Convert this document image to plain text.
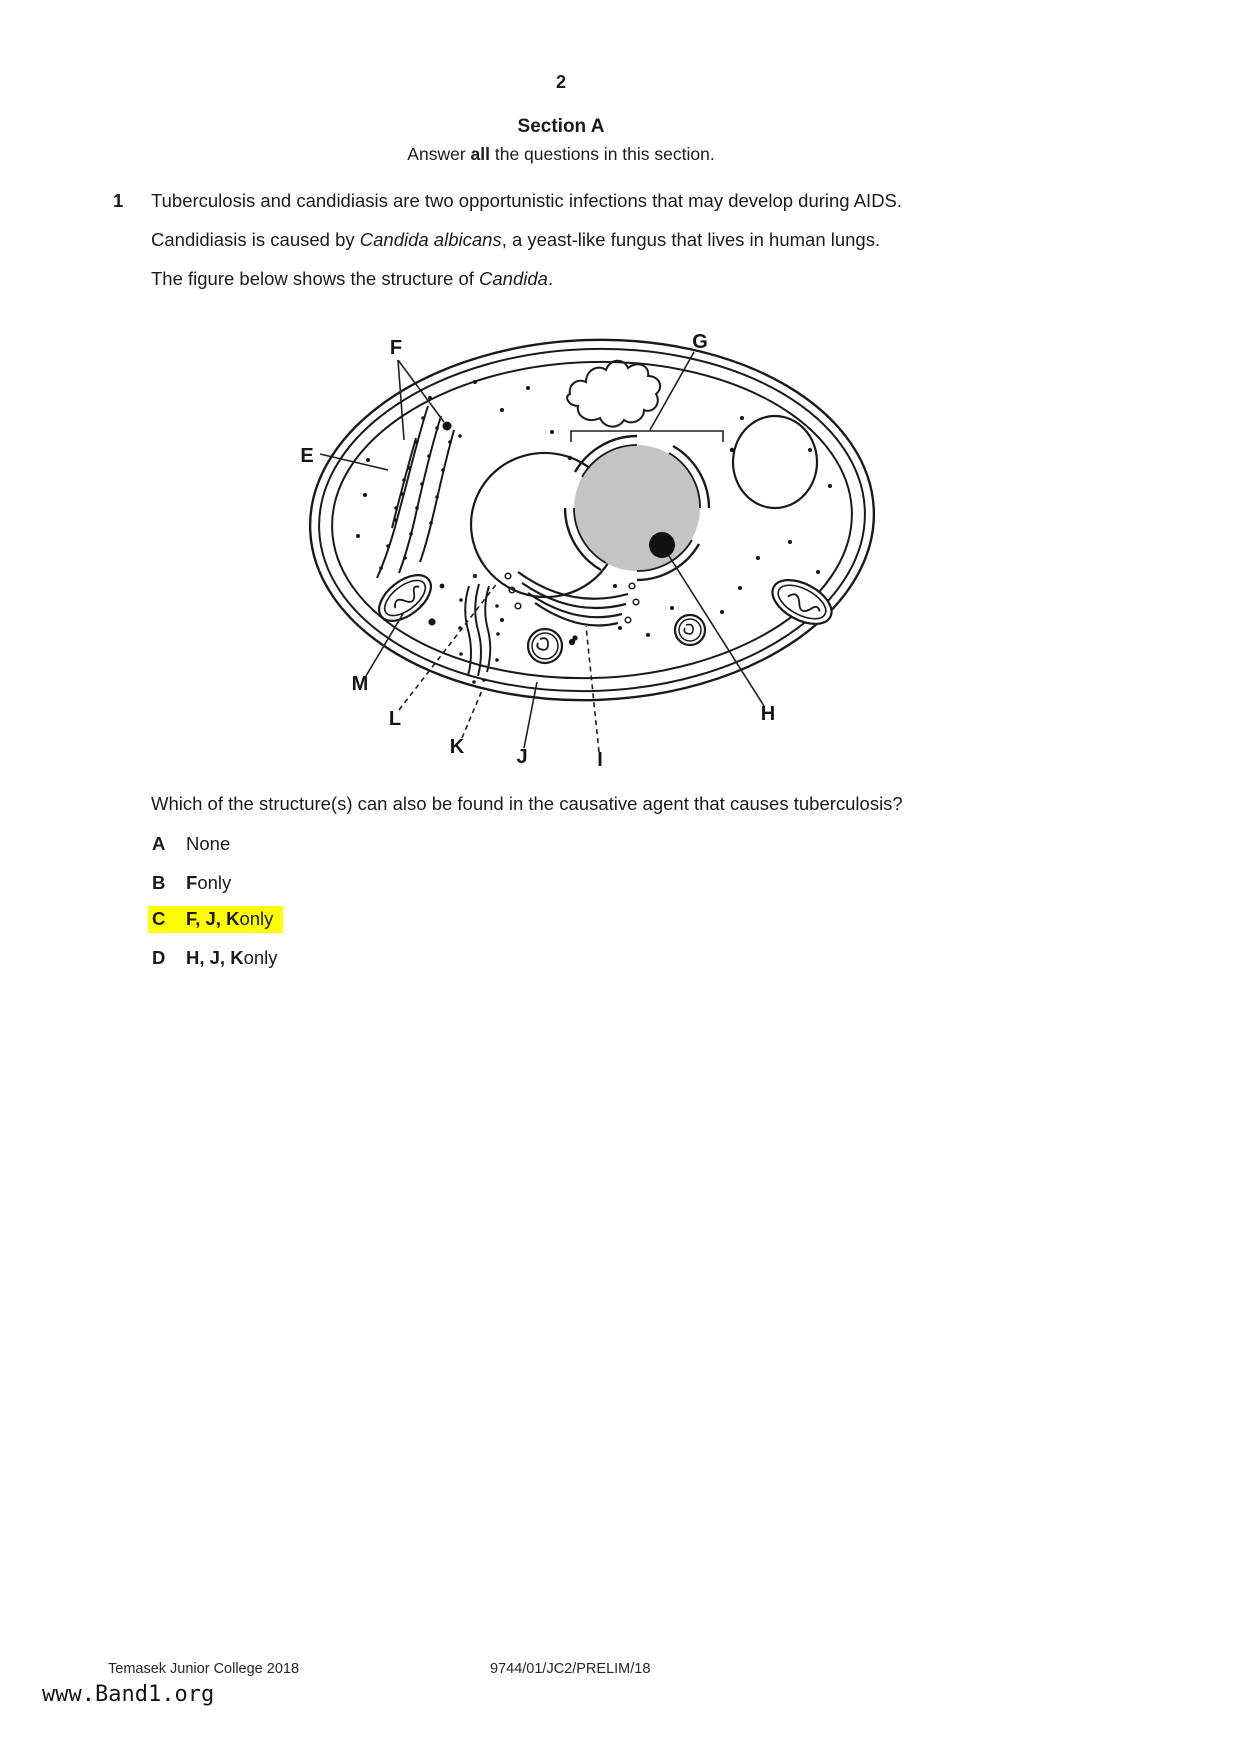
2
Section A
Answer all the questions in this section.
1 Tuberculosis and candidiasis are two opportunistic infections that may develop during AIDS.
Candidiasis is caused by Candida albicans, a yeast-like fungus that lives in human lungs.
The figure below shows the structure of Candida.
F	G
E
M
L
K	J	I
H
Which of the structure(s) can also be found in the causative agent that causes tuberculosis?
A	None
B	F only
C	F, J, K only
D	H, J, K only
Temasek Junior College 2018	9744/01/JC2/PRELIM/18
www.Band1.org
